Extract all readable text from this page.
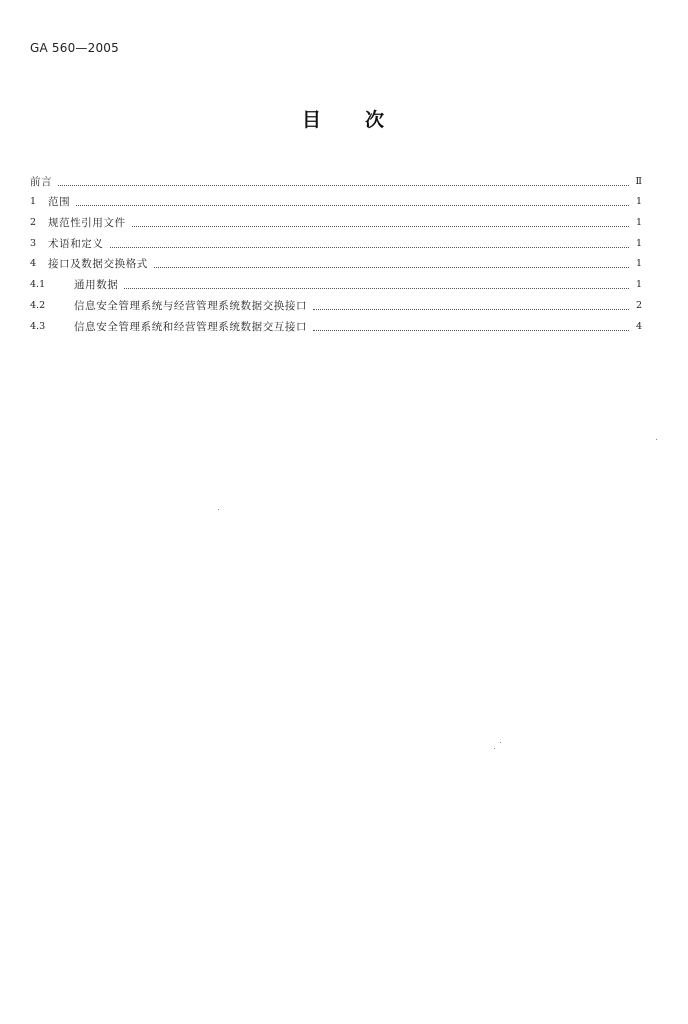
GA 560—2005
目 次
前言	Ⅱ
1	范围	1
2	规范性引用文件	1
3	术语和定义	1
4	接口及数据交换格式	1
4.1	通用数据	1
4.2	信息安全管理系统与经营管理系统数据交换接口	2
4.3	信息安全管理系统和经营管理系统数据交互接口	4
